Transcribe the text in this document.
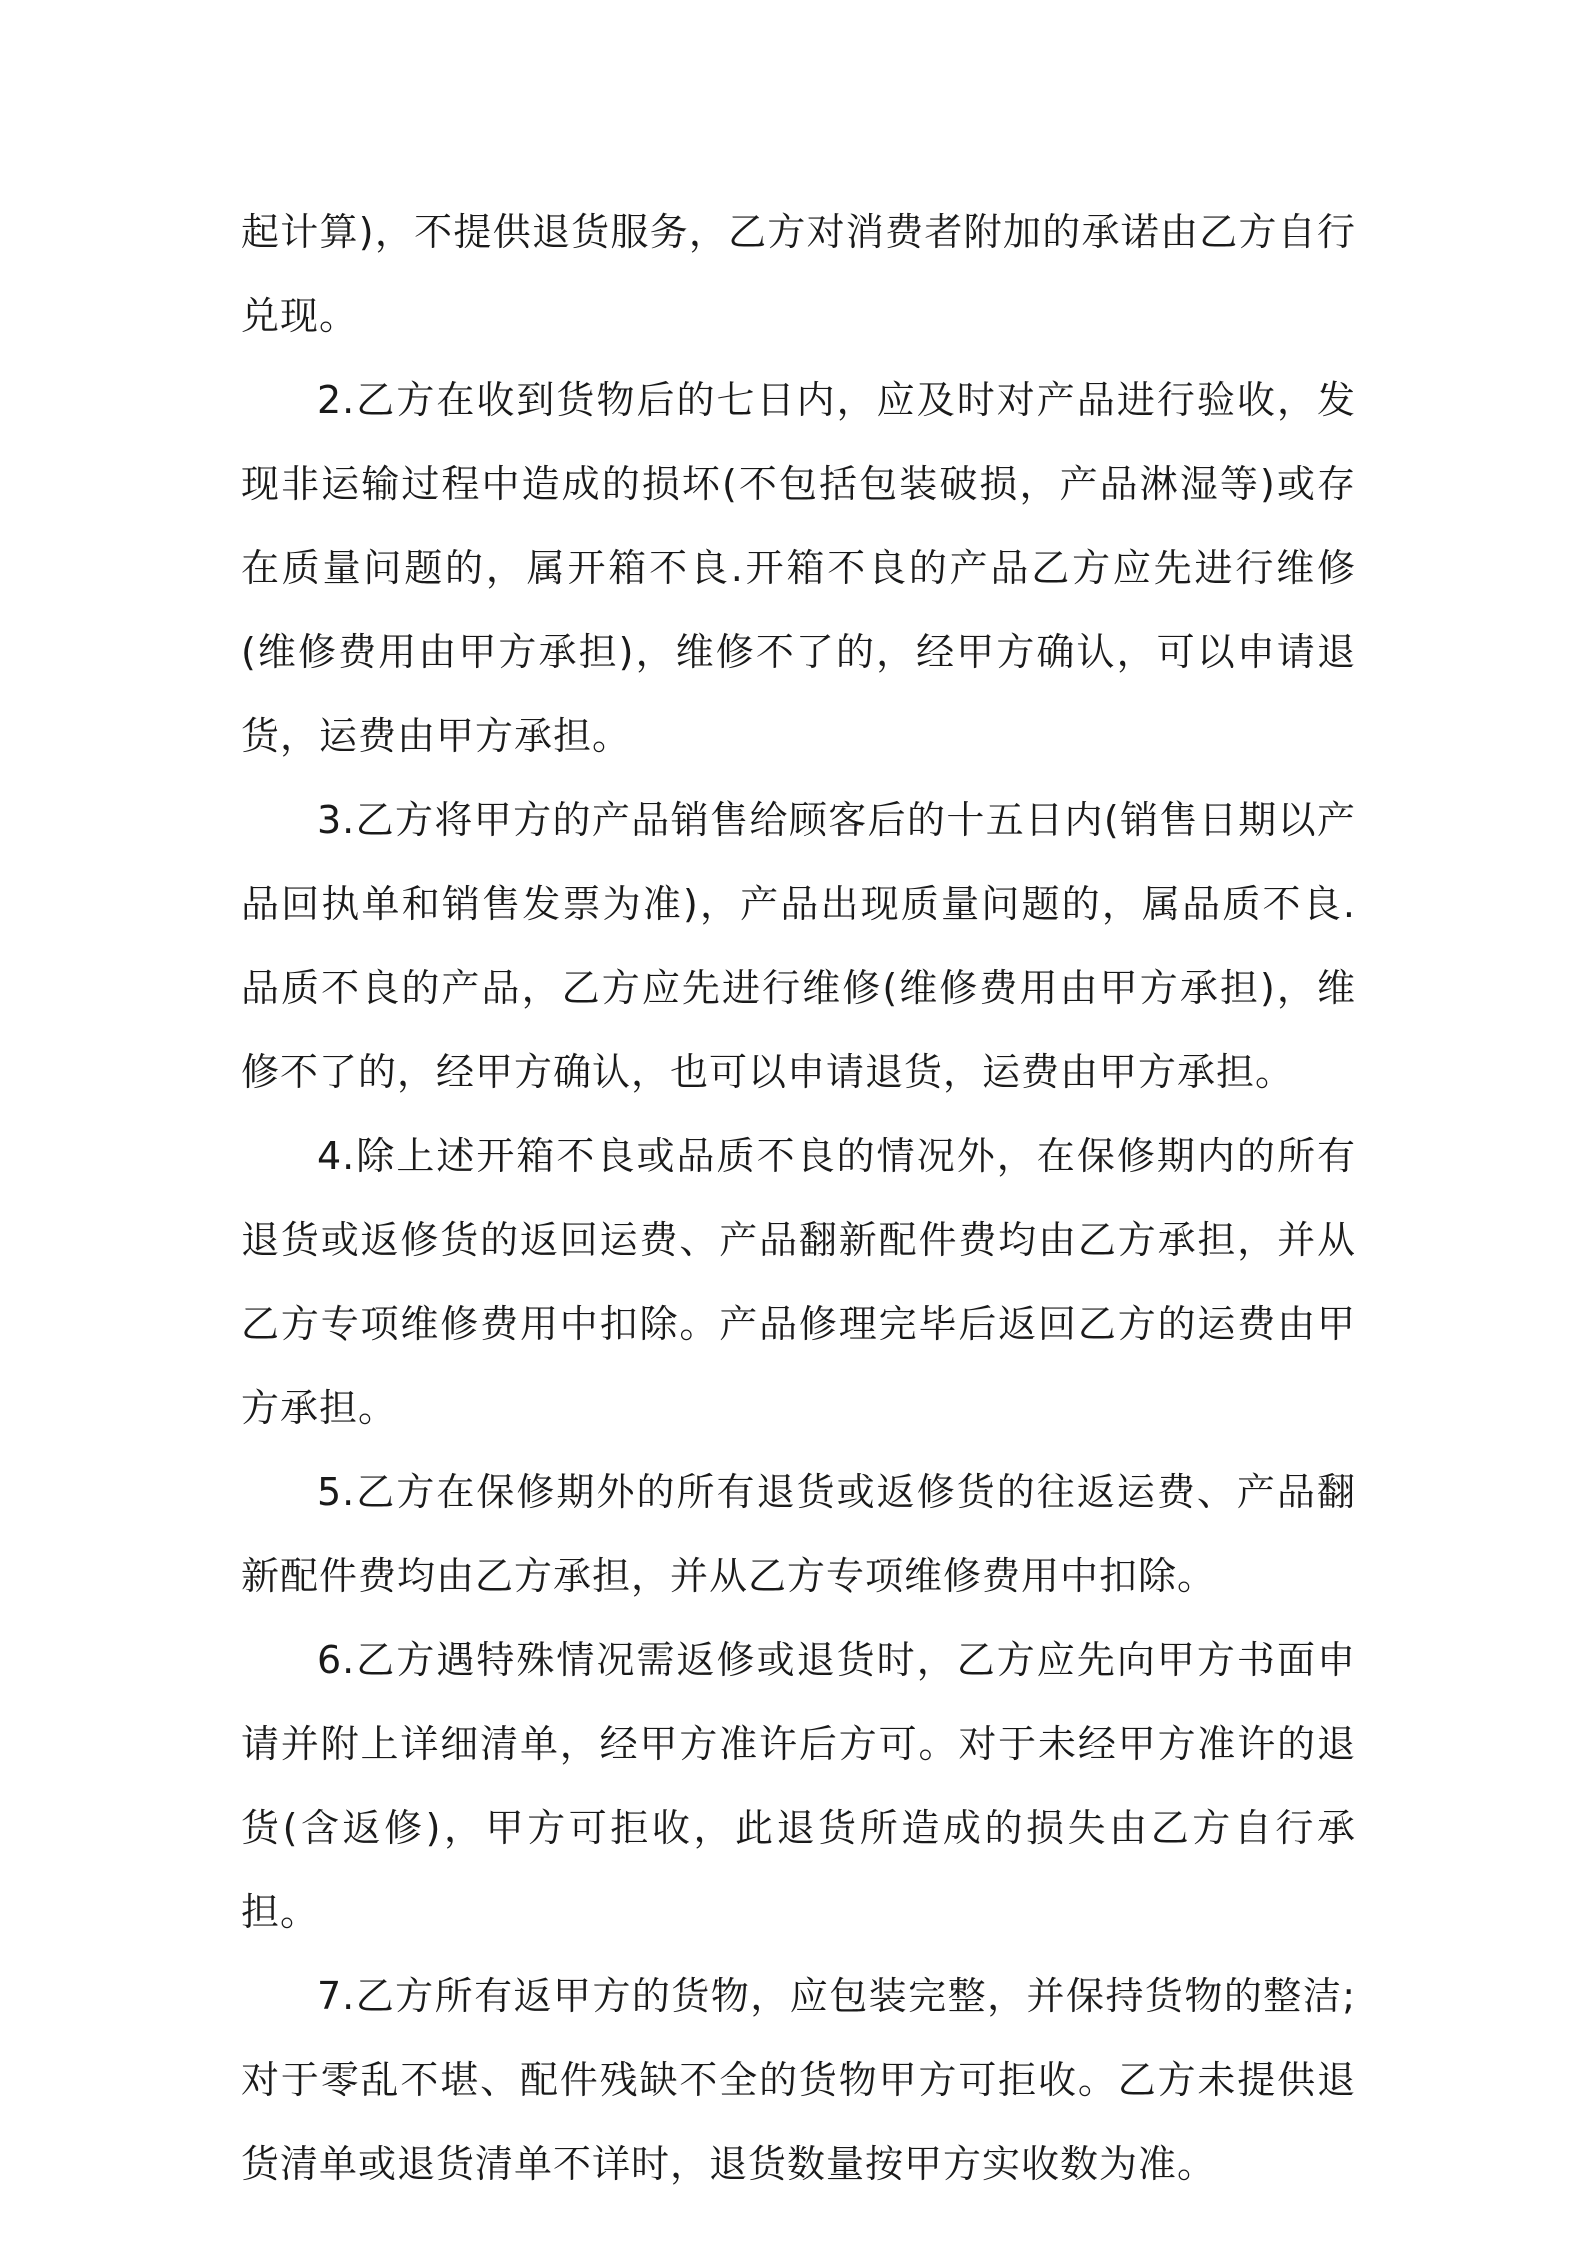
起计算)，不提供退货服务，乙方对消费者附加的承诺由乙方自行兑现。

2.乙方在收到货物后的七日内，应及时对产品进行验收，发现非运输过程中造成的损坏(不包括包装破损，产品淋湿等)或存在质量问题的，属开箱不良.开箱不良的产品乙方应先进行维修(维修费用由甲方承担)，维修不了的，经甲方确认，可以申请退货，运费由甲方承担。

3.乙方将甲方的产品销售给顾客后的十五日内(销售日期以产品回执单和销售发票为准)，产品出现质量问题的，属品质不良.品质不良的产品，乙方应先进行维修(维修费用由甲方承担)，维修不了的，经甲方确认，也可以申请退货，运费由甲方承担。

4.除上述开箱不良或品质不良的情况外，在保修期内的所有退货或返修货的返回运费、产品翻新配件费均由乙方承担，并从乙方专项维修费用中扣除。产品修理完毕后返回乙方的运费由甲方承担。

5.乙方在保修期外的所有退货或返修货的往返运费、产品翻新配件费均由乙方承担，并从乙方专项维修费用中扣除。

6.乙方遇特殊情况需返修或退货时，乙方应先向甲方书面申请并附上详细清单，经甲方准许后方可。对于未经甲方准许的退货(含返修)，甲方可拒收，此退货所造成的损失由乙方自行承担。

7.乙方所有返甲方的货物，应包装完整，并保持货物的整洁;对于零乱不堪、配件残缺不全的货物甲方可拒收。乙方未提供退货清单或退货清单不详时，退货数量按甲方实收数为准。
